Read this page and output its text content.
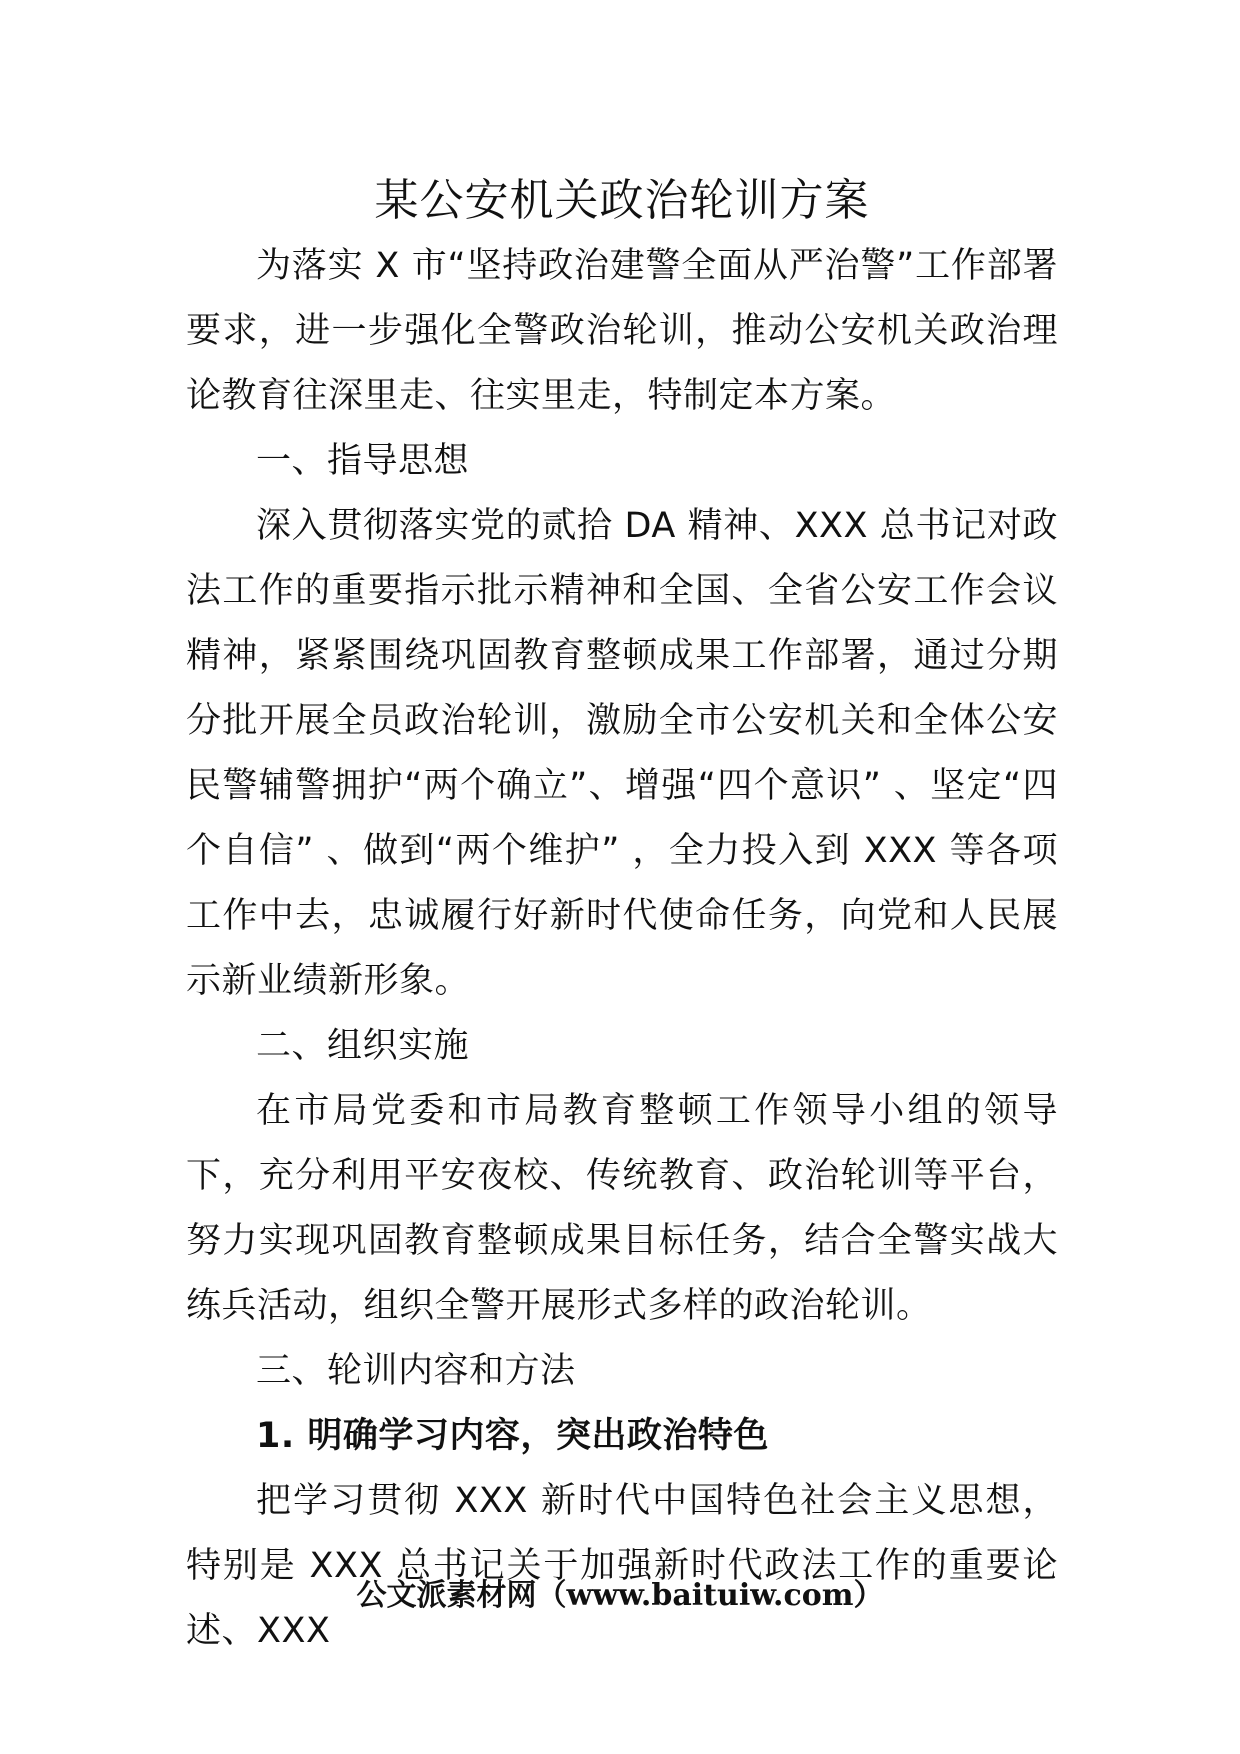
某公安机关政治轮训方案

为落实 X 市“坚持政治建警全面从严治警”工作部署要求，进一步强化全警政治轮训，推动公安机关政治理论教育往深里走、往实里走，特制定本方案。

一、指导思想

深入贯彻落实党的贰拾 DA 精神、XXX 总书记对政法工作的重要指示批示精神和全国、全省公安工作会议精神，紧紧围绕巩固教育整顿成果工作部署，通过分期分批开展全员政治轮训，激励全市公安机关和全体公安民警辅警拥护“两个确立”、增强“四个意识” 、坚定“四个自信” 、做到“两个维护” ，全力投入到 XXX 等各项工作中去，忠诚履行好新时代使命任务，向党和人民展示新业绩新形象。

二、组织实施

在市局党委和市局教育整顿工作领导小组的领导下，充分利用平安夜校、传统教育、政治轮训等平台，努力实现巩固教育整顿成果目标任务，结合全警实战大练兵活动，组织全警开展形式多样的政治轮训。

三、轮训内容和方法

1. 明确学习内容，突出政治特色

把学习贯彻 XXX 新时代中国特色社会主义思想，特别是 XXX 总书记关于加强新时代政法工作的重要论述、XXX

公文派素材网（www.baituiw.com）
